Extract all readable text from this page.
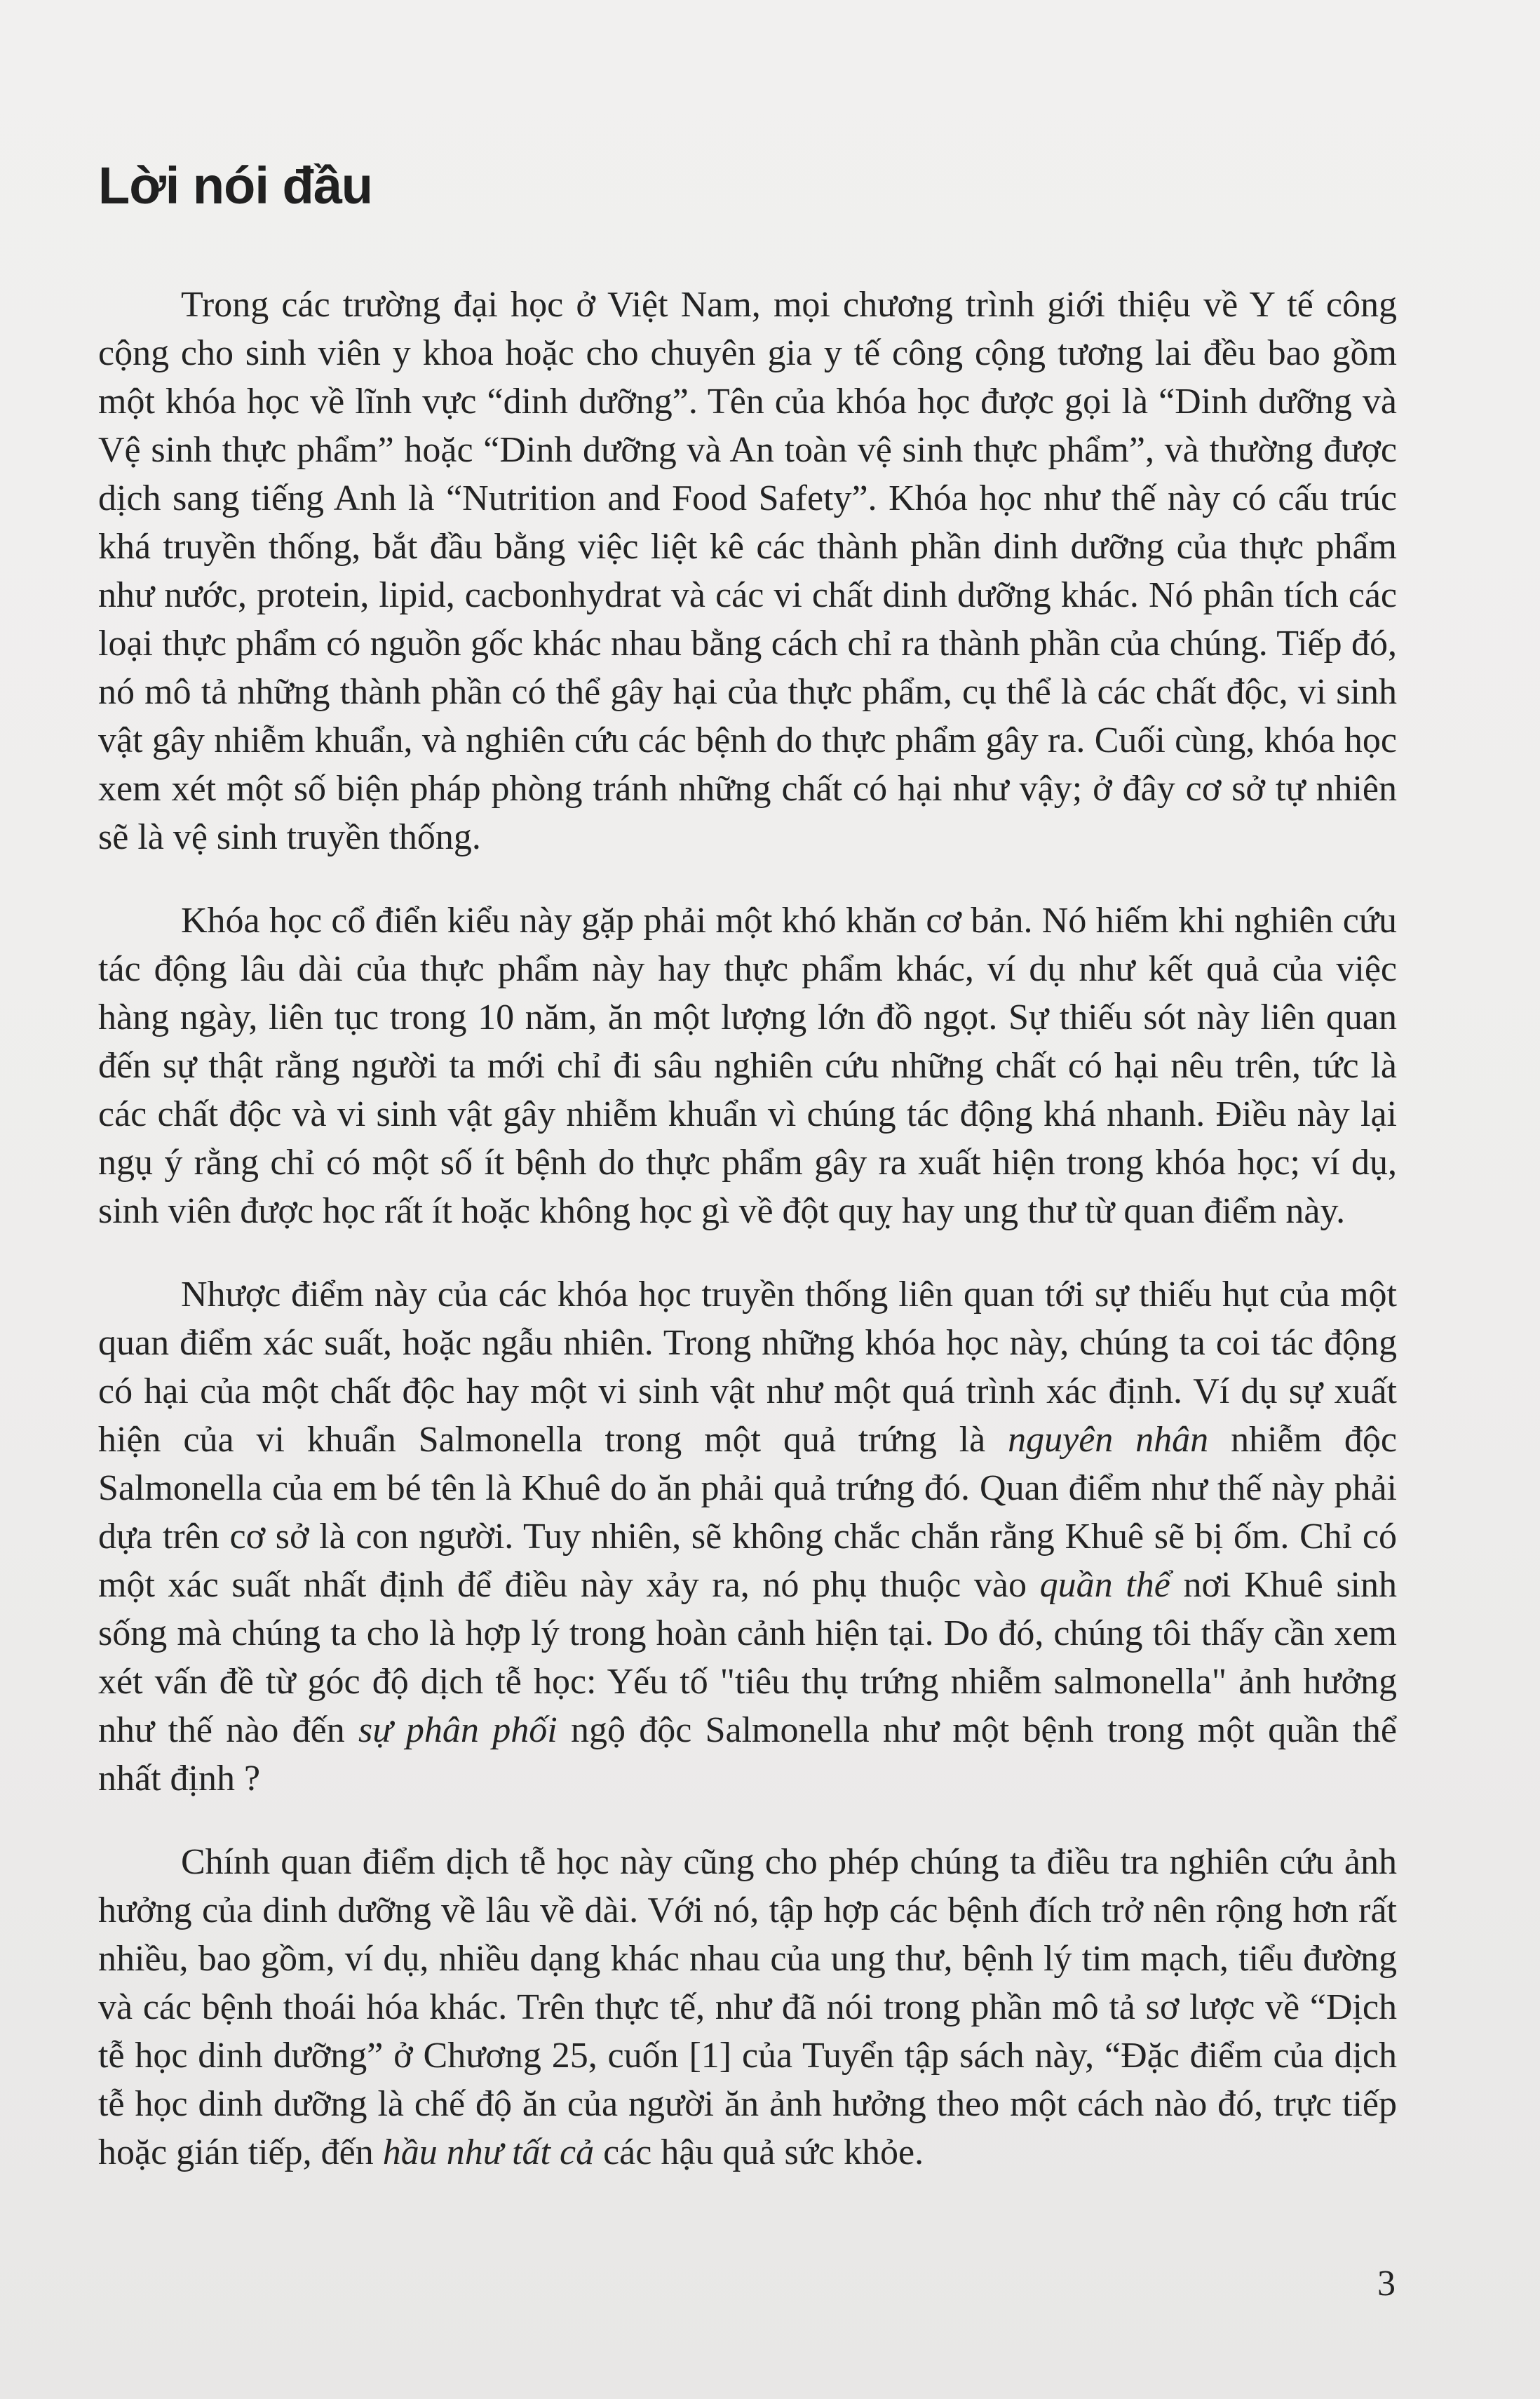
Lời nói đầu

Trong các trường đại học ở Việt Nam, mọi chương trình giới thiệu về Y tế công cộng cho sinh viên y khoa hoặc cho chuyên gia y tế công cộng tương lai đều bao gồm một khóa học về lĩnh vực “dinh dưỡng”. Tên của khóa học được gọi là “Dinh dưỡng và Vệ sinh thực phẩm” hoặc “Dinh dưỡng và An toàn vệ sinh thực phẩm”, và thường được dịch sang tiếng Anh là “Nutrition and Food Safety”. Khóa học như thế này có cấu trúc khá truyền thống, bắt đầu bằng việc liệt kê các thành phần dinh dưỡng của thực phẩm như nước, protein, lipid, cacbonhydrat và các vi chất dinh dưỡng khác. Nó phân tích các loại thực phẩm có nguồn gốc khác nhau bằng cách chỉ ra thành phần của chúng. Tiếp đó, nó mô tả những thành phần có thể gây hại của thực phẩm, cụ thể là các chất độc, vi sinh vật gây nhiễm khuẩn, và nghiên cứu các bệnh do thực phẩm gây ra. Cuối cùng, khóa học xem xét một số biện pháp phòng tránh những chất có hại như vậy; ở đây cơ sở tự nhiên sẽ là vệ sinh truyền thống.

Khóa học cổ điển kiểu này gặp phải một khó khăn cơ bản. Nó hiếm khi nghiên cứu tác động lâu dài của thực phẩm này hay thực phẩm khác, ví dụ như kết quả của việc hàng ngày, liên tục trong 10 năm, ăn một lượng lớn đồ ngọt. Sự thiếu sót này liên quan đến sự thật rằng người ta mới chỉ đi sâu nghiên cứu những chất có hại nêu trên, tức là các chất độc và vi sinh vật gây nhiễm khuẩn vì chúng tác động khá nhanh. Điều này lại ngụ ý rằng chỉ có một số ít bệnh do thực phẩm gây ra xuất hiện trong khóa học; ví dụ, sinh viên được học rất ít hoặc không học gì về đột quỵ hay ung thư từ quan điểm này.

Nhược điểm này của các khóa học truyền thống liên quan tới sự thiếu hụt của một quan điểm xác suất, hoặc ngẫu nhiên. Trong những khóa học này, chúng ta coi tác động có hại của một chất độc hay một vi sinh vật như một quá trình xác định. Ví dụ sự xuất hiện của vi khuẩn Salmonella trong một quả trứng là nguyên nhân nhiễm độc Salmonella của em bé tên là Khuê do ăn phải quả trứng đó. Quan điểm như thế này phải dựa trên cơ sở là con người. Tuy nhiên, sẽ không chắc chắn rằng Khuê sẽ bị ốm. Chỉ có một xác suất nhất định để điều này xảy ra, nó phụ thuộc vào quần thể nơi Khuê sinh sống mà chúng ta cho là hợp lý trong hoàn cảnh hiện tại. Do đó, chúng tôi thấy cần xem xét vấn đề từ góc độ dịch tễ học: Yếu tố "tiêu thụ trứng nhiễm salmonella" ảnh hưởng như thế nào đến sự phân phối ngộ độc Salmonella như một bệnh trong một quần thể nhất định ?

Chính quan điểm dịch tễ học này cũng cho phép chúng ta điều tra nghiên cứu ảnh hưởng của dinh dưỡng về lâu về dài. Với nó, tập hợp các bệnh đích trở nên rộng hơn rất nhiều, bao gồm, ví dụ, nhiều dạng khác nhau của ung thư, bệnh lý tim mạch, tiểu đường và các bệnh thoái hóa khác. Trên thực tế, như đã nói trong phần mô tả sơ lược về “Dịch tễ học dinh dưỡng” ở Chương 25, cuốn [1] của Tuyển tập sách này, “Đặc điểm của dịch tễ học dinh dưỡng là chế độ ăn của người ăn ảnh hưởng theo một cách nào đó, trực tiếp hoặc gián tiếp, đến hầu như tất cả các hậu quả sức khỏe.

3
